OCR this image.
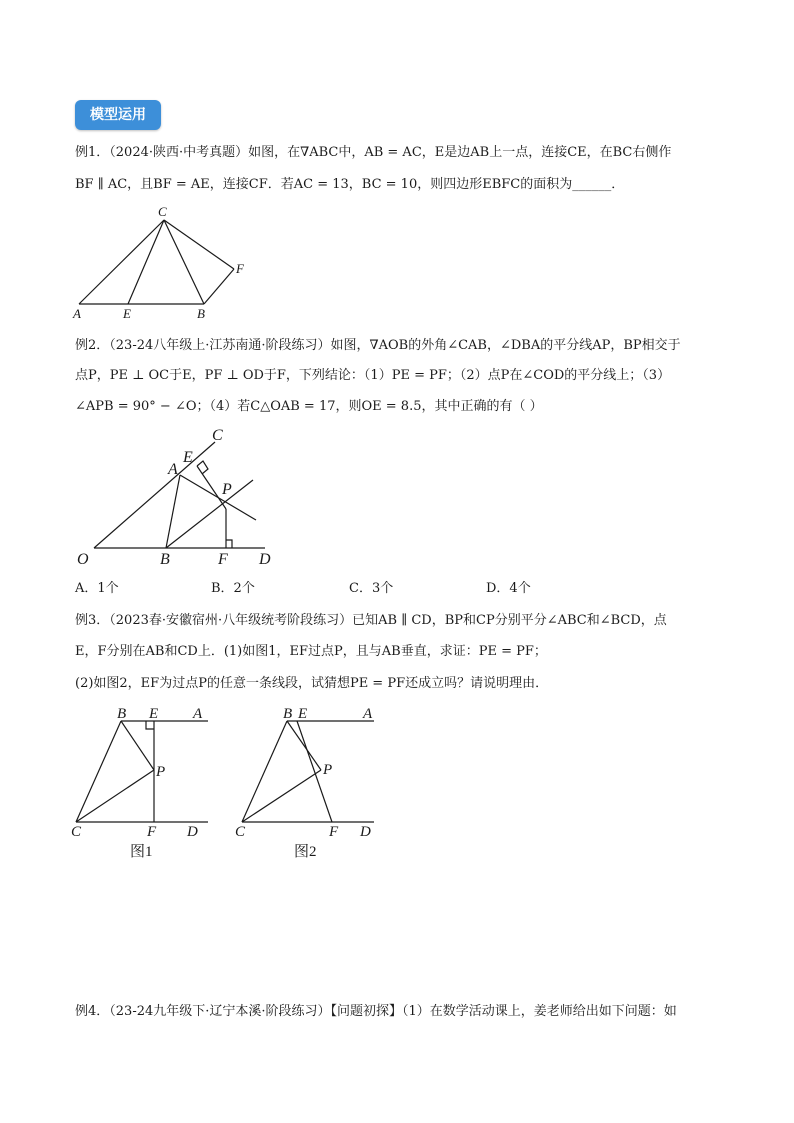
模型运用
例1．（2024·陕西·中考真题）如图，在∇ABC中，AB = AC，E是边AB上一点，连接CE，在BC右侧作
BF ∥ AC，且BF = AE，连接CF．若AC = 13，BC = 10，则四边形EBFC的面积为______．
C
A	E	B
F
例2．（23-24八年级上·江苏南通·阶段练习）如图，∇AOB的外角∠CAB，∠DBA的平分线AP，BP相交于
点P，PE ⊥ OC于E，PF ⊥ OD于F，下列结论：（1）PE = PF；（2）点P在∠COD的平分线上；（3）
∠APB = 90° − ∠O；（4）若C△OAB = 17，则OE = 8.5，其中正确的有（ ）
C
E
A
P
O	B	F D
A．1个	B．2个	C．3个	D．4个
例3．（2023春·安徽宿州·八年级统考阶段练习）已知AB ∥ CD，BP和CP分别平分∠ABC和∠BCD，点
E，F分别在AB和CD上．(1)如图1，EF过点P，且与AB垂直，求证：PE = PF；
(2)如图2，EF为过点P的任意一条线段，试猜想PE = PF还成立吗？请说明理由．
B E A
P
C	F D
图1
B E	A
P
C	F D
图2
例4．（23-24九年级下·辽宁本溪·阶段练习）【问题初探】（1）在数学活动课上，姜老师给出如下问题：如
